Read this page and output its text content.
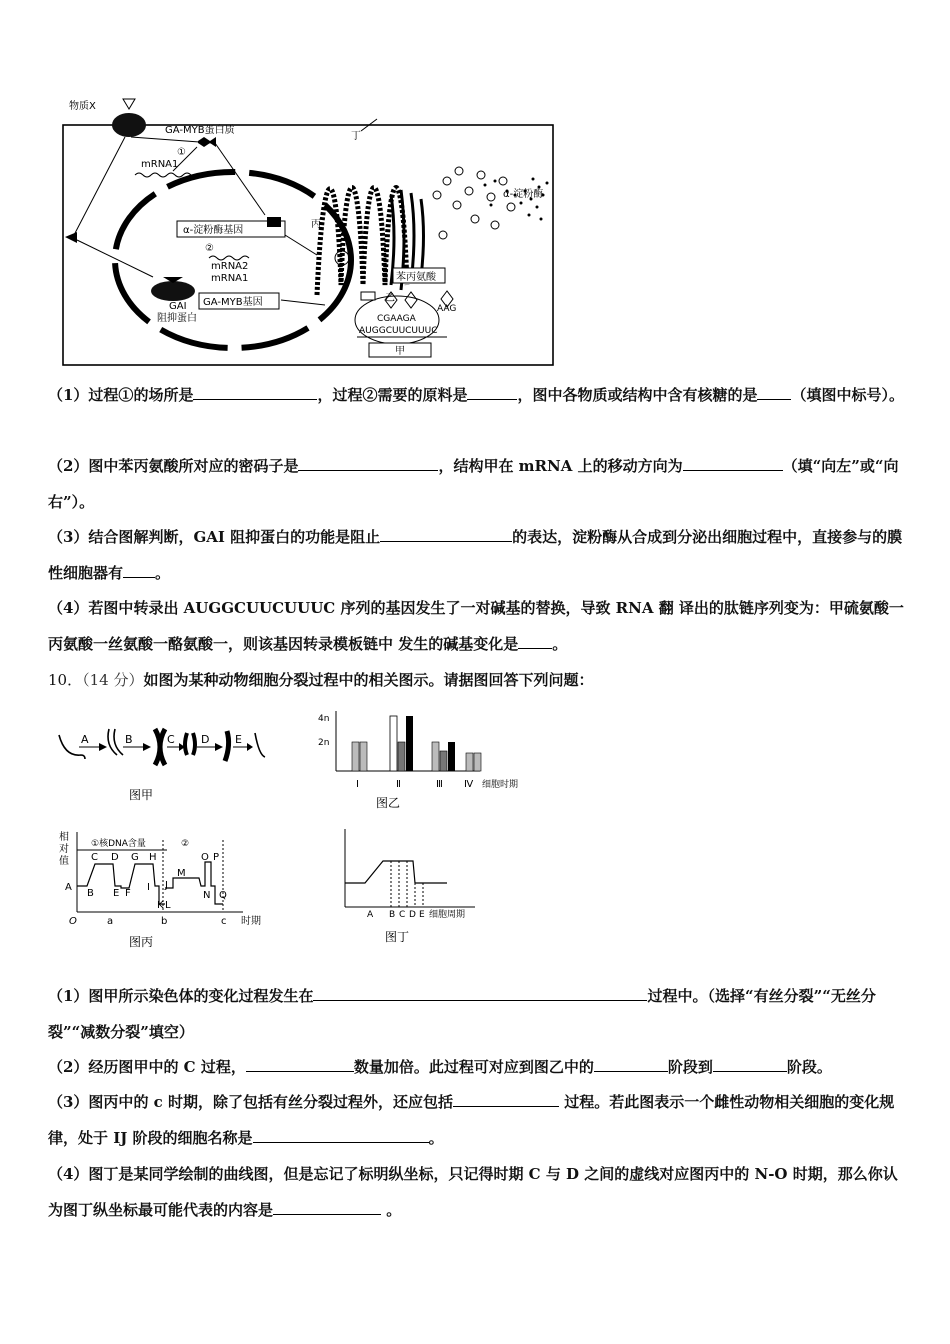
物质X
GA-MYB蛋白质
①
mRNA1
α-淀粉酶基因
②
mRNA2
mRNA1
GAI
阻抑蛋白
GA-MYB基因
丙
丁
乙
α-淀粉酶
苯丙氨酸
AAG
CGAAGA
AUGGCUUCUUUC
甲
（1）过程①的场所是	，过程②需要的原料是	，图中各物质或结构中含有核糖的是 （填图中标号）。
（2）图中苯丙氨酸所对应的密码子是	，结构甲在 mRNA 上的移动方向为	（填“向左”或“向右”）。
（3）结合图解判断，GAI 阻抑蛋白的功能是阻止	的表达，淀粉酶从合成到分泌出细胞过程中，直接参与的膜性细胞器有 。
（4）若图中转录出 AUGGCUUCUUUC 序列的基因发生了一对碱基的替换，导致 RNA 翻 译出的肽链序列变为：甲硫氨酸一丙氨酸一丝氨酸一酪氨酸一，则该基因转录模板链中 发生的碱基变化是 。
10．（14 分）如图为某种动物细胞分裂过程中的相关图示。请据图回答下列问题：
A	B	C D E
图甲
4n
2n
Ⅰ	Ⅱ	Ⅲ Ⅳ 细胞时期
图乙
相
对
值
①核DNA含量	②
A
B
C D
E F
G H
I J
K L
M
N
O P
Q
O	a	b	c 时期
图丙
A B C D E 细胞周期
图丁
（1）图甲所示染色体的变化过程发生在	过程中。（选择“有丝分裂”“无丝分裂”“减数分裂”填空）
（2）经历图甲中的 C 过程，	数量加倍。此过程可对应到图乙中的	阶段到	阶段。
（3）图丙中的 c 时期，除了包括有丝分裂过程外，还应包括	过程。若此图表示一个雌性动物相关细胞的变化规律，处于 IJ 阶段的细胞名称是	。
（4）图丁是某同学绘制的曲线图，但是忘记了标明纵坐标，只记得时期 C 与 D 之间的虚线对应图丙中的 N-O 时期，那么你认为图丁纵坐标最可能代表的内容是	。
